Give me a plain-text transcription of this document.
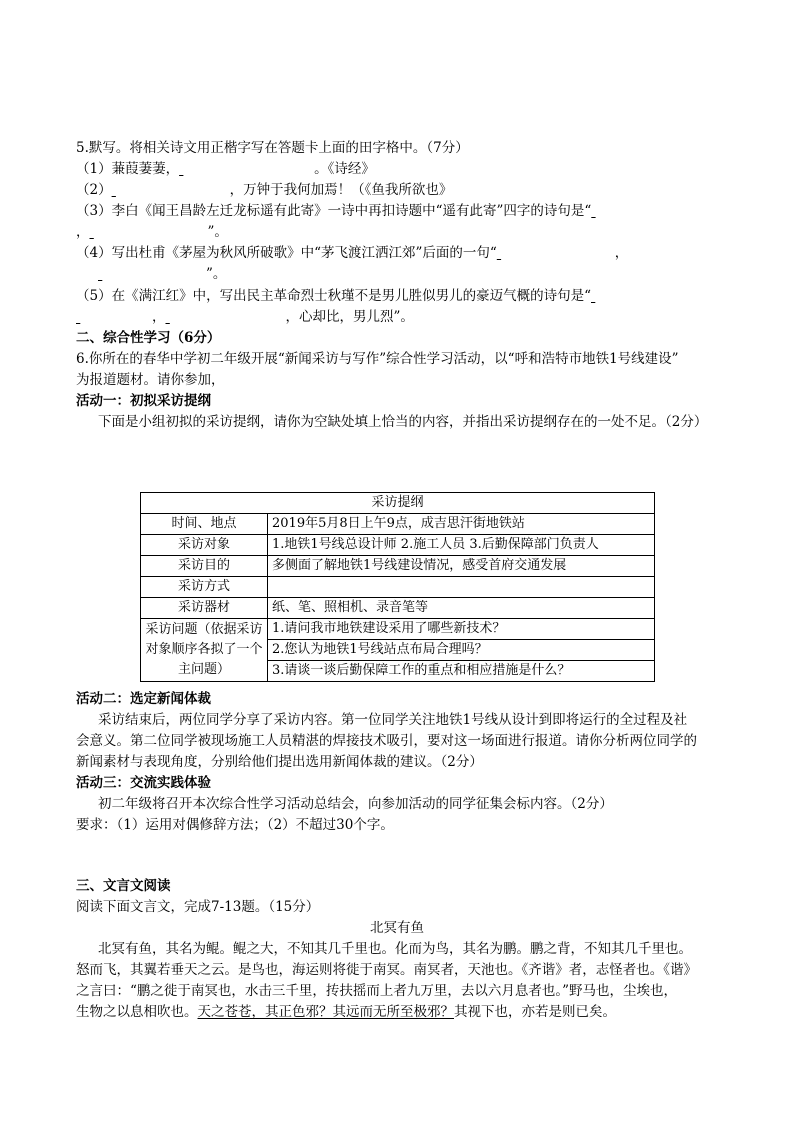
5.默写。将相关诗文用正楷字写在答题卡上面的田字格中。（7分）
（1）蒹葭萋萋，	。《诗经》
（2）	，万钟于我何加焉！（《鱼我所欲也》
（3）李白《闻王昌龄左迁龙标遥有此寄》一诗中再扣诗题中“遥有此寄”四字的诗句是“
，	”。
（4）写出杜甫《茅屋为秋风所破歌》中“茅飞渡江洒江郊”后面的一句“	，
”。
（5）在《满江红》中，写出民主革命烈士秋瑾不是男儿胜似男儿的豪迈气概的诗句是“
，	，心却比，男儿烈”。
二、综合性学习（6分）
6.你所在的春华中学初二年级开展“新闻采访与写作”综合性学习活动，以“呼和浩特市地铁1号线建设”
为报道题材。请你参加，
活动一：初拟采访提纲
下面是小组初拟的采访提纲，请你为空缺处填上恰当的内容，并指出采访提纲存在的一处不足。（2分）
采访提纲	
时间、地点	2019年5月8日上午9点，成吉思汗街地铁站
采访对象	1.地铁1号线总设计师 2.施工人员 3.后勤保障部门负责人
采访目的	多侧面了解地铁1号线建设情况，感受首府交通发展
采访方式	
采访器材	纸、笔、照相机、录音笔等
采访问题（依据采访对象顺序各拟了一个主问题）	1.请问我市地铁建设采用了哪些新技术？
	2.您认为地铁1号线站点布局合理吗？
	3.请谈一谈后勤保障工作的重点和相应措施是什么？
活动二：选定新闻体裁
采访结束后，两位同学分享了采访内容。第一位同学关注地铁1号线从设计到即将运行的全过程及社
会意义。第二位同学被现场施工人员精湛的焊接技术吸引，要对这一场面进行报道。请你分析两位同学的
新闻素材与表现角度，分别给他们提出选用新闻体裁的建议。（2分）
活动三：交流实践体验
初二年级将召开本次综合性学习活动总结会，向参加活动的同学征集会标内容。（2分）
要求：（1）运用对偶修辞方法；（2）不超过30个字。
三、文言文阅读
阅读下面文言文，完成7-13题。（15分）
北冥有鱼
北冥有鱼，其名为鲲。鲲之大，不知其几千里也。化而为鸟，其名为鹏。鹏之背，不知其几千里也。
怒而飞，其翼若垂天之云。是鸟也，海运则将徙于南冥。南冥者，天池也。《齐谐》者，志怪者也。《谐》
之言曰：“鹏之徙于南冥也，水击三千里，抟扶摇而上者九万里，去以六月息者也。”野马也，尘埃也，
生物之以息相吹也。天之苍苍，其正色邪？其远而无所至极邪？其视下也，亦若是则已矣。
